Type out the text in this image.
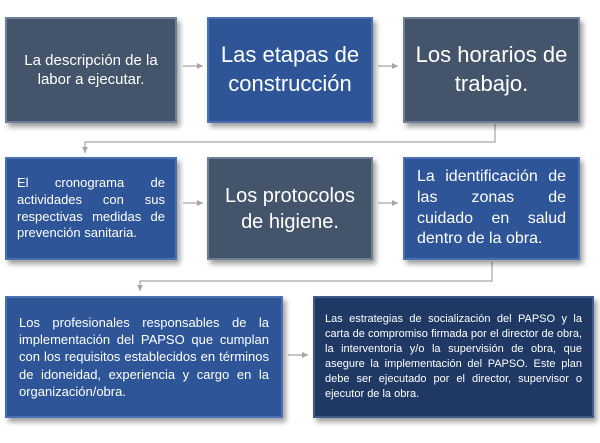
La descripción de la labor a ejecutar.
Las etapas de construcción
Los horarios de trabajo.
El cronograma de actividades con sus respectivas medidas de prevención sanitaria.
Los protocolos de higiene.
La identificación de las zonas de cuidado en salud dentro de la obra.
Los profesionales responsables de la implementación del PAPSO que cumplan con los requisitos establecidos en términos de idoneidad, experiencia y cargo en la organización/obra.
Las estrategias de socialización del PAPSO y la carta de compromiso firmada por el director de obra, la interventoría y/o la supervisión de obra, que asegure la implementación del PAPSO. Este plan debe ser ejecutado por el director, supervisor o ejecutor de la obra.
